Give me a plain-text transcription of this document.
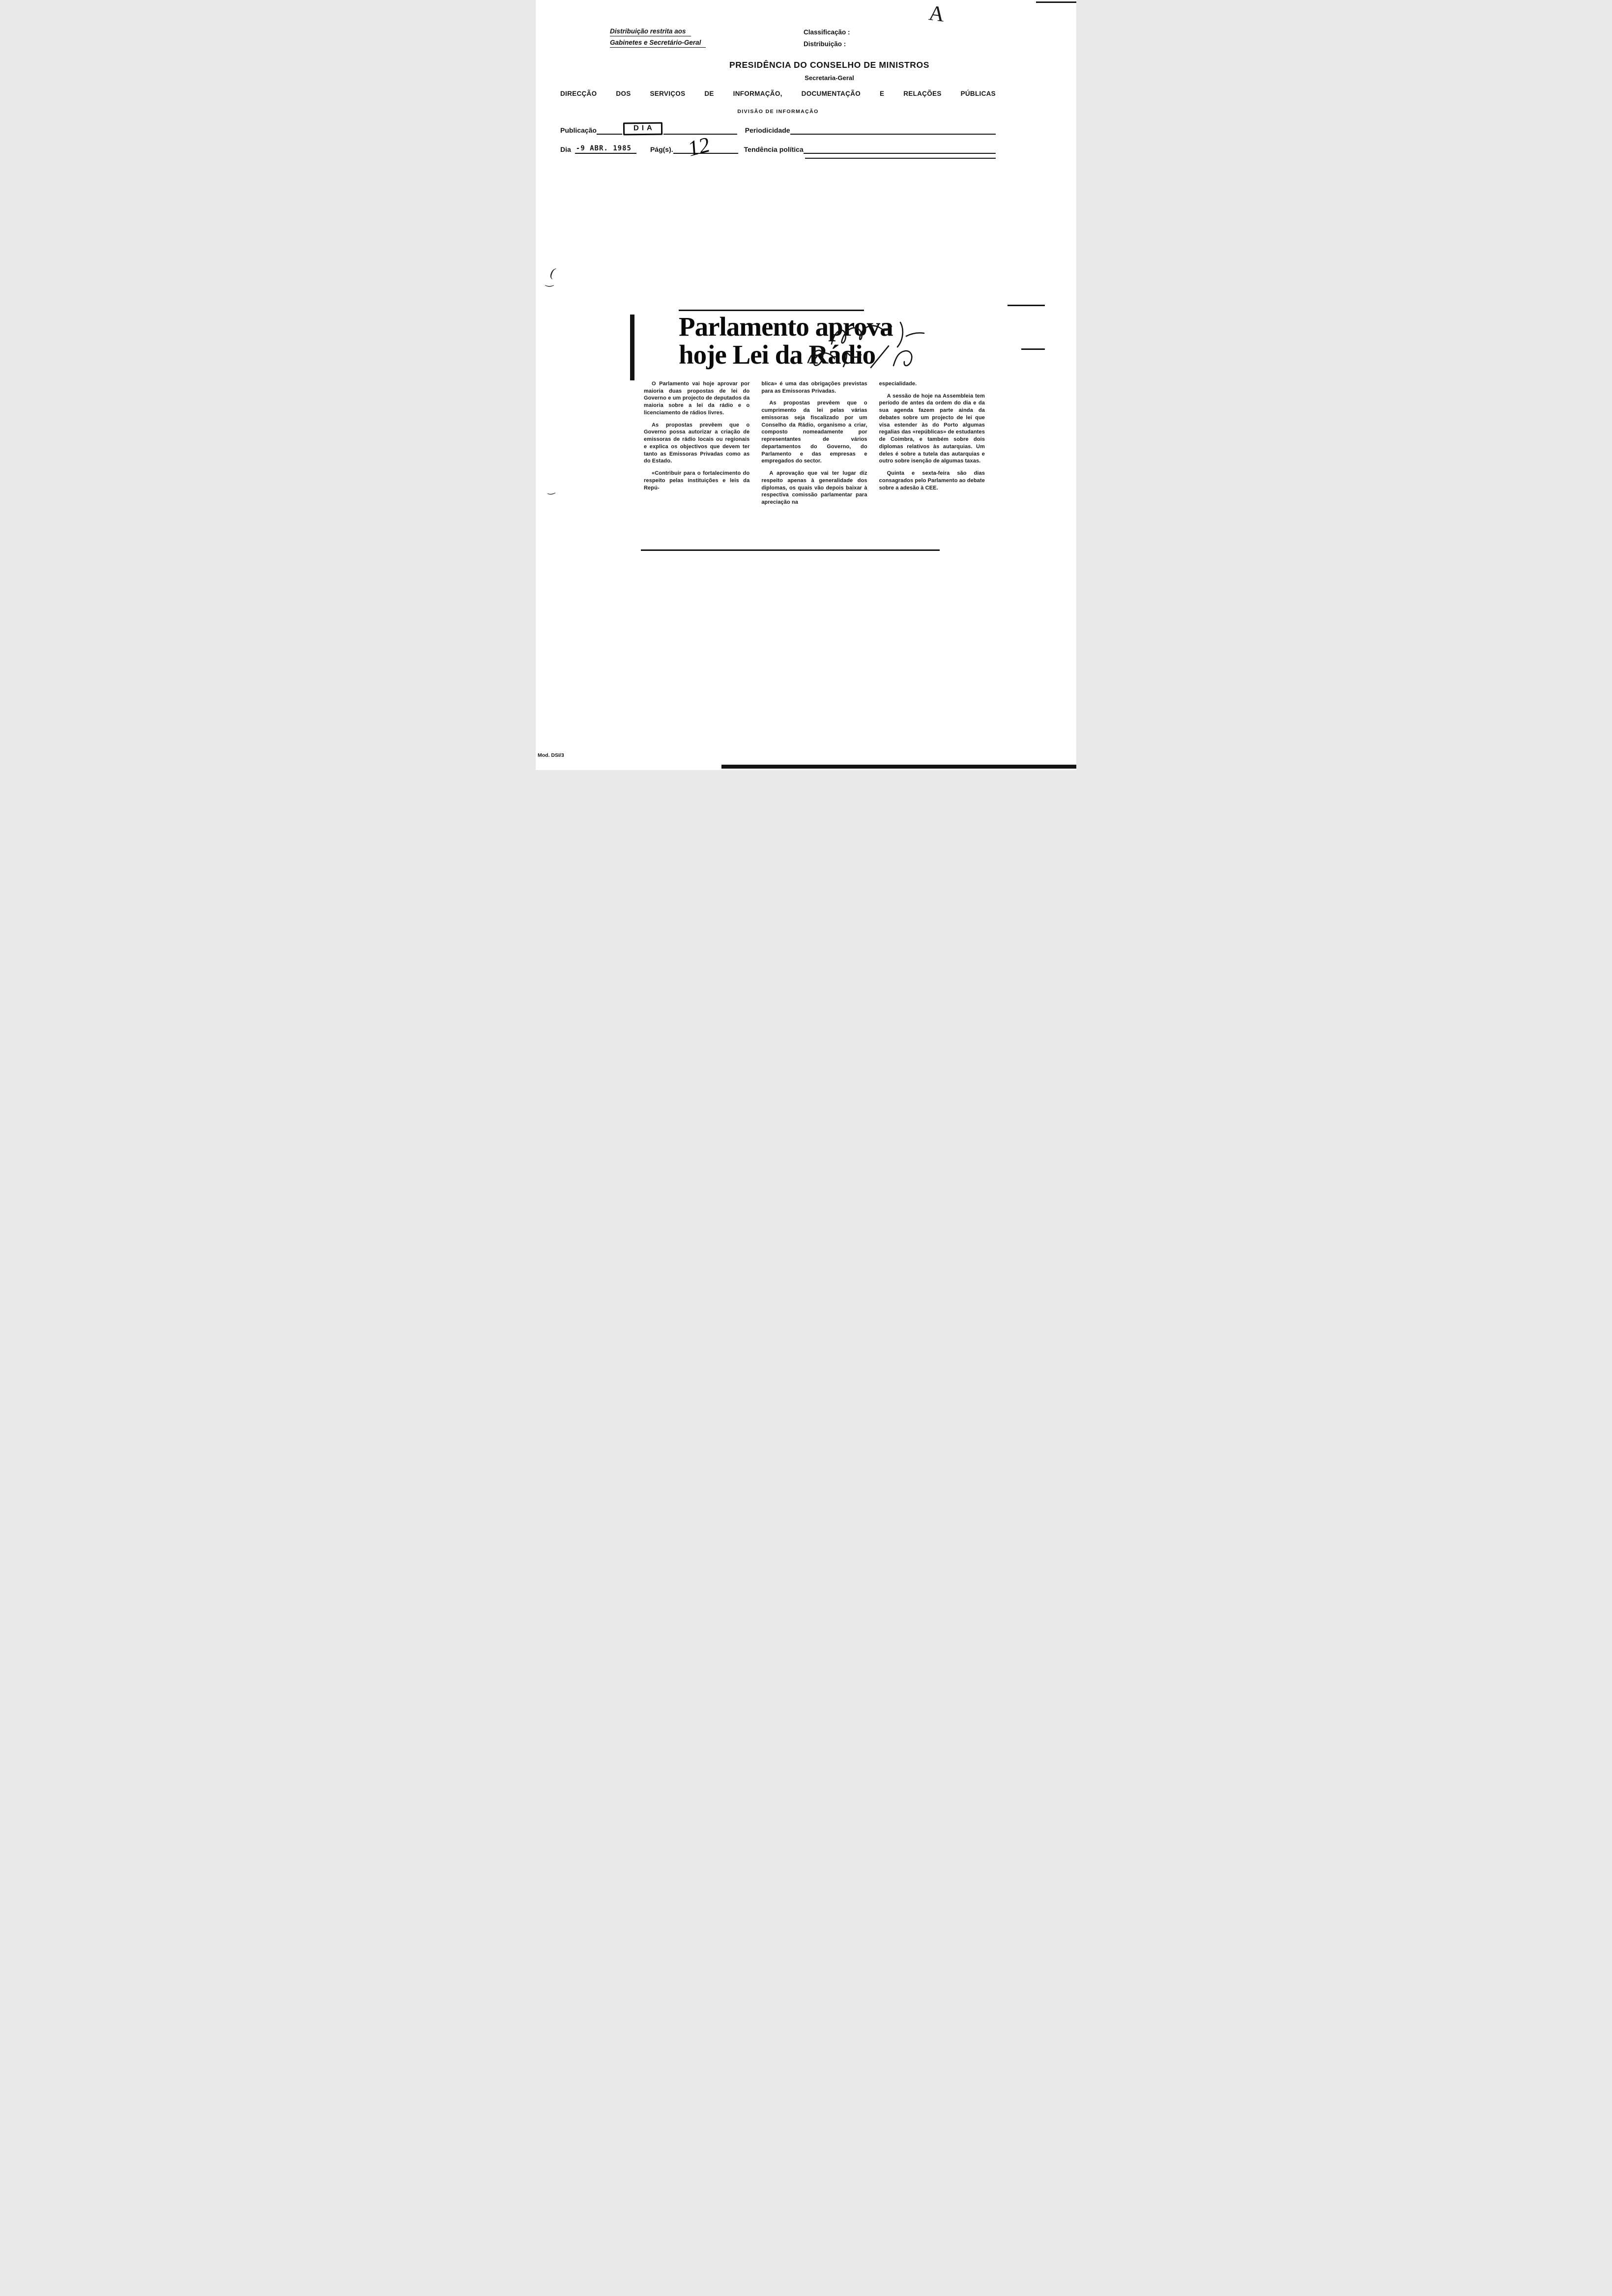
A
Distribuição restrita aos
Gabinetes e Secretário-Geral
Classificação :
Distribuição :
PRESIDÊNCIA DO CONSELHO DE MINISTROS
Secretaria-Geral
DIRECÇÃO DOS SERVIÇOS DE INFORMAÇÃO, DOCUMENTAÇÃO E RELAÇÕES PÚBLICAS
DIVISÃO DE INFORMAÇÃO
Publicação	DIA	Periodicidade
Dia -9 ABR. 1985	Pág(s). 12	Tendência política
(
‿
‿
Parlamento aprova
hoje Lei da Rádio

O Parlamento vai hoje aprovar por maioria duas propostas de lei do Governo e um projecto de deputados da maioria sobre a lei da rádio e o licenciamento de rádios livres.

As propostas prevêem que o Governo possa autorizar a criação de emissoras de rádio locais ou regionais e explica os objectivos que devem ter tanto as Emissoras Privadas como as do Estado.

«Contribuir para o fortalecimento do respeito pelas instituições e leis da Repú-

blica» é uma das obrigações previstas para as Emissoras Privadas.

As propostas prevêem que o cumprimento da lei pelas várias emissoras seja fiscalizado por um Conselho da Rádio, organismo a criar, composto nomeadamente por representantes de vários departamentos do Governo, do Parlamento e das empresas e empregados do sector.

A aprovação que vai ter lugar diz respeito apenas à generalidade dos diplomas, os quais vão depois baixar à respectiva comissão parlamentar para apreciação na

especialidade.

A sessão de hoje na Assembleia tem período de antes da ordem do dia e da sua agenda fazem parte ainda da debates sobre um projecto de lei que visa estender às do Porto algumas regalias das «repúblicas» de estudantes de Coimbra, e também sobre dois diplomas relativos às autarquias. Um deles é sobre a tutela das autarquias e outro sobre isenção de algumas taxas.

Quinta e sexta-feira são dias consagrados pelo Parlamento ao debate sobre a adesão à CEE.

Mod. DSI/3
